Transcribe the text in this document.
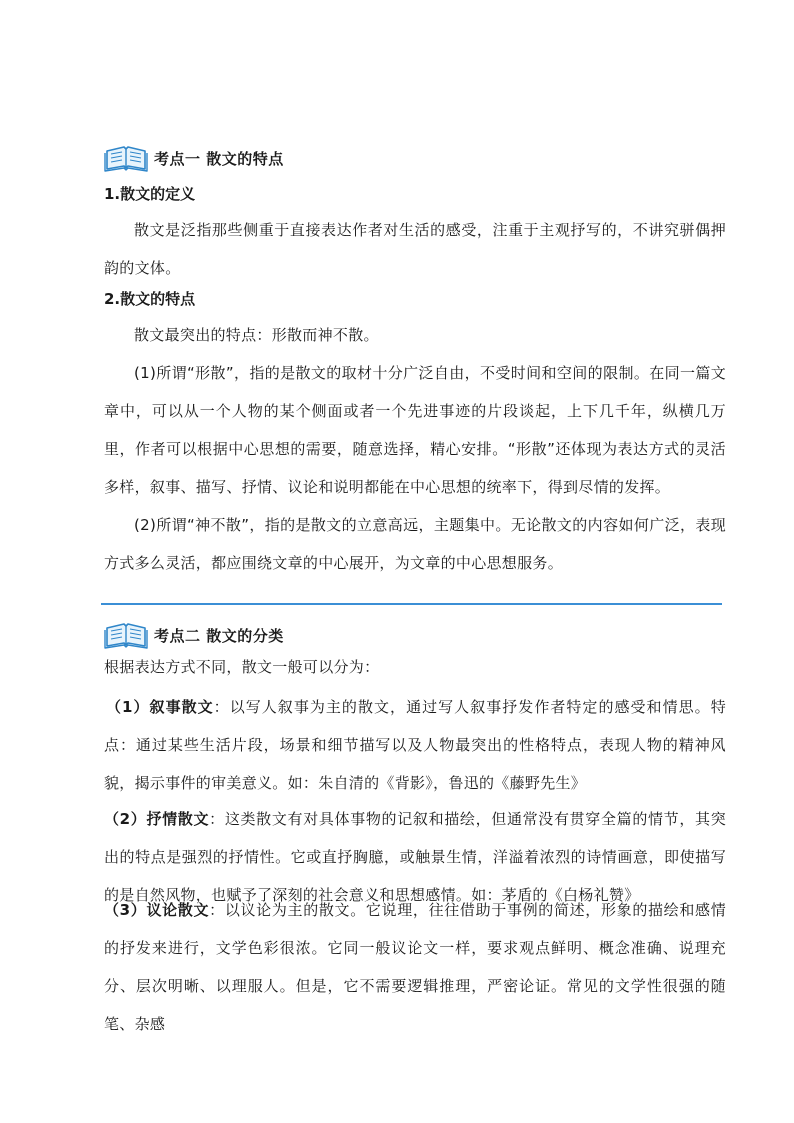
考点一 散文的特点
1.散文的定义
散文是泛指那些侧重于直接表达作者对生活的感受，注重于主观抒写的，不讲究骈偶押韵的文体。
2.散文的特点
散文最突出的特点：形散而神不散。
(1)所谓“形散”，指的是散文的取材十分广泛自由，不受时间和空间的限制。在同一篇文章中，可以从一个人物的某个侧面或者一个先进事迹的片段谈起，上下几千年，纵横几万里，作者可以根据中心思想的需要，随意选择，精心安排。“形散”还体现为表达方式的灵活多样，叙事、描写、抒情、议论和说明都能在中心思想的统率下，得到尽情的发挥。
(2)所谓“神不散”，指的是散文的立意高远，主题集中。无论散文的内容如何广泛，表现方式多么灵活，都应围绕文章的中心展开，为文章的中心思想服务。
考点二 散文的分类
根据表达方式不同，散文一般可以分为：
（1）叙事散文：以写人叙事为主的散文，通过写人叙事抒发作者特定的感受和情思。特点：通过某些生活片段，场景和细节描写以及人物最突出的性格特点，表现人物的精神风貌，揭示事件的审美意义。如：朱自清的《背影》，鲁迅的《藤野先生》
（2）抒情散文：这类散文有对具体事物的记叙和描绘，但通常没有贯穿全篇的情节，其突出的特点是强烈的抒情性。它或直抒胸臆，或触景生情，洋溢着浓烈的诗情画意，即使描写的是自然风物，也赋予了深刻的社会意义和思想感情。如：茅盾的《白杨礼赞》
（3）议论散文：以议论为主的散文。它说理，往往借助于事例的简述，形象的描绘和感情的抒发来进行，文学色彩很浓。它同一般议论文一样，要求观点鲜明、概念准确、说理充分、层次明晰、以理服人。但是，它不需要逻辑推理，严密论证。常见的文学性很强的随笔、杂感
